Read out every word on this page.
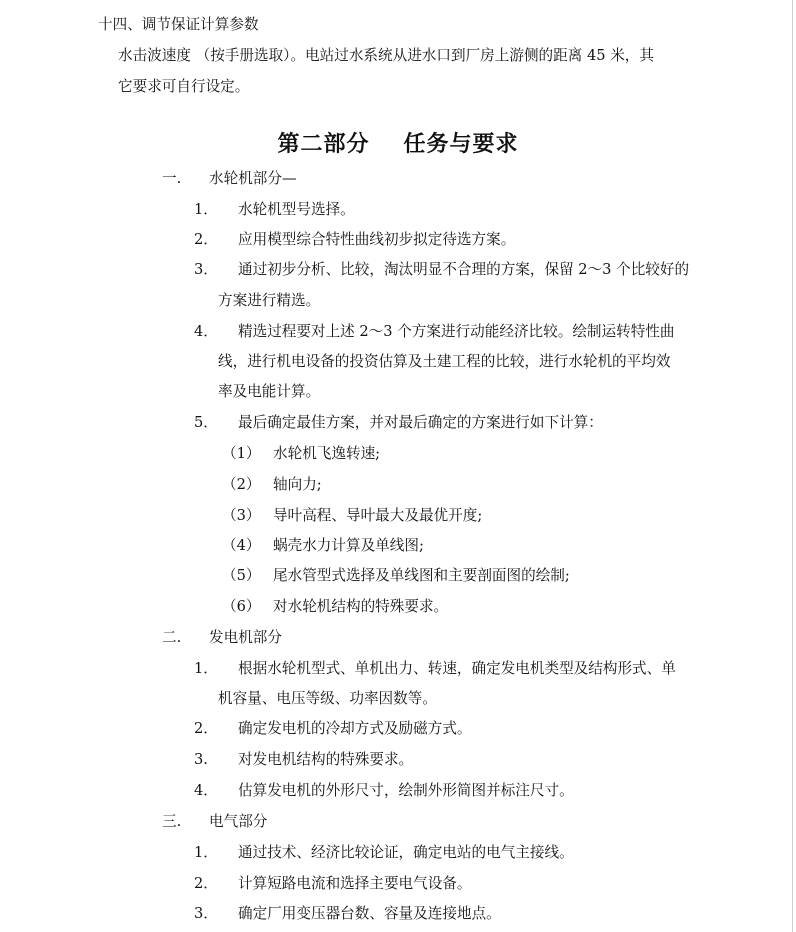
十四、调节保证计算参数
水击波速度 （按手册选取）。电站过水系统从进水口到厂房上游侧的距离 45 米，其
它要求可自行设定。
第二部分 任务与要求
一. 水轮机部分—
1． 水轮机型号选择。
2． 应用模型综合特性曲线初步拟定待选方案。
3． 通过初步分析、比较，淘汰明显不合理的方案，保留 2～3 个比较好的
方案进行精选。
4． 精选过程要对上述 2～3 个方案进行动能经济比较。绘制运转特性曲
线，进行机电设备的投资估算及土建工程的比较，进行水轮机的平均效
率及电能计算。
5． 最后确定最佳方案，并对最后确定的方案进行如下计算：
（1） 水轮机飞逸转速;
（2） 轴向力;
（3） 导叶高程、导叶最大及最优开度;
（4） 蜗壳水力计算及单线图;
（5） 尾水管型式选择及单线图和主要剖面图的绘制;
（6） 对水轮机结构的特殊要求。
二. 发电机部分
1． 根据水轮机型式、单机出力、转速，确定发电机类型及结构形式、单
机容量、电压等级、功率因数等。
2． 确定发电机的冷却方式及励磁方式。
3. 对发电机结构的特殊要求。
4． 估算发电机的外形尺寸，绘制外形简图并标注尺寸。
三. 电气部分
1． 通过技术、经济比较论证，确定电站的电气主接线。
2． 计算短路电流和选择主要电气设备。
3． 确定厂用变压器台数、容量及连接地点。
